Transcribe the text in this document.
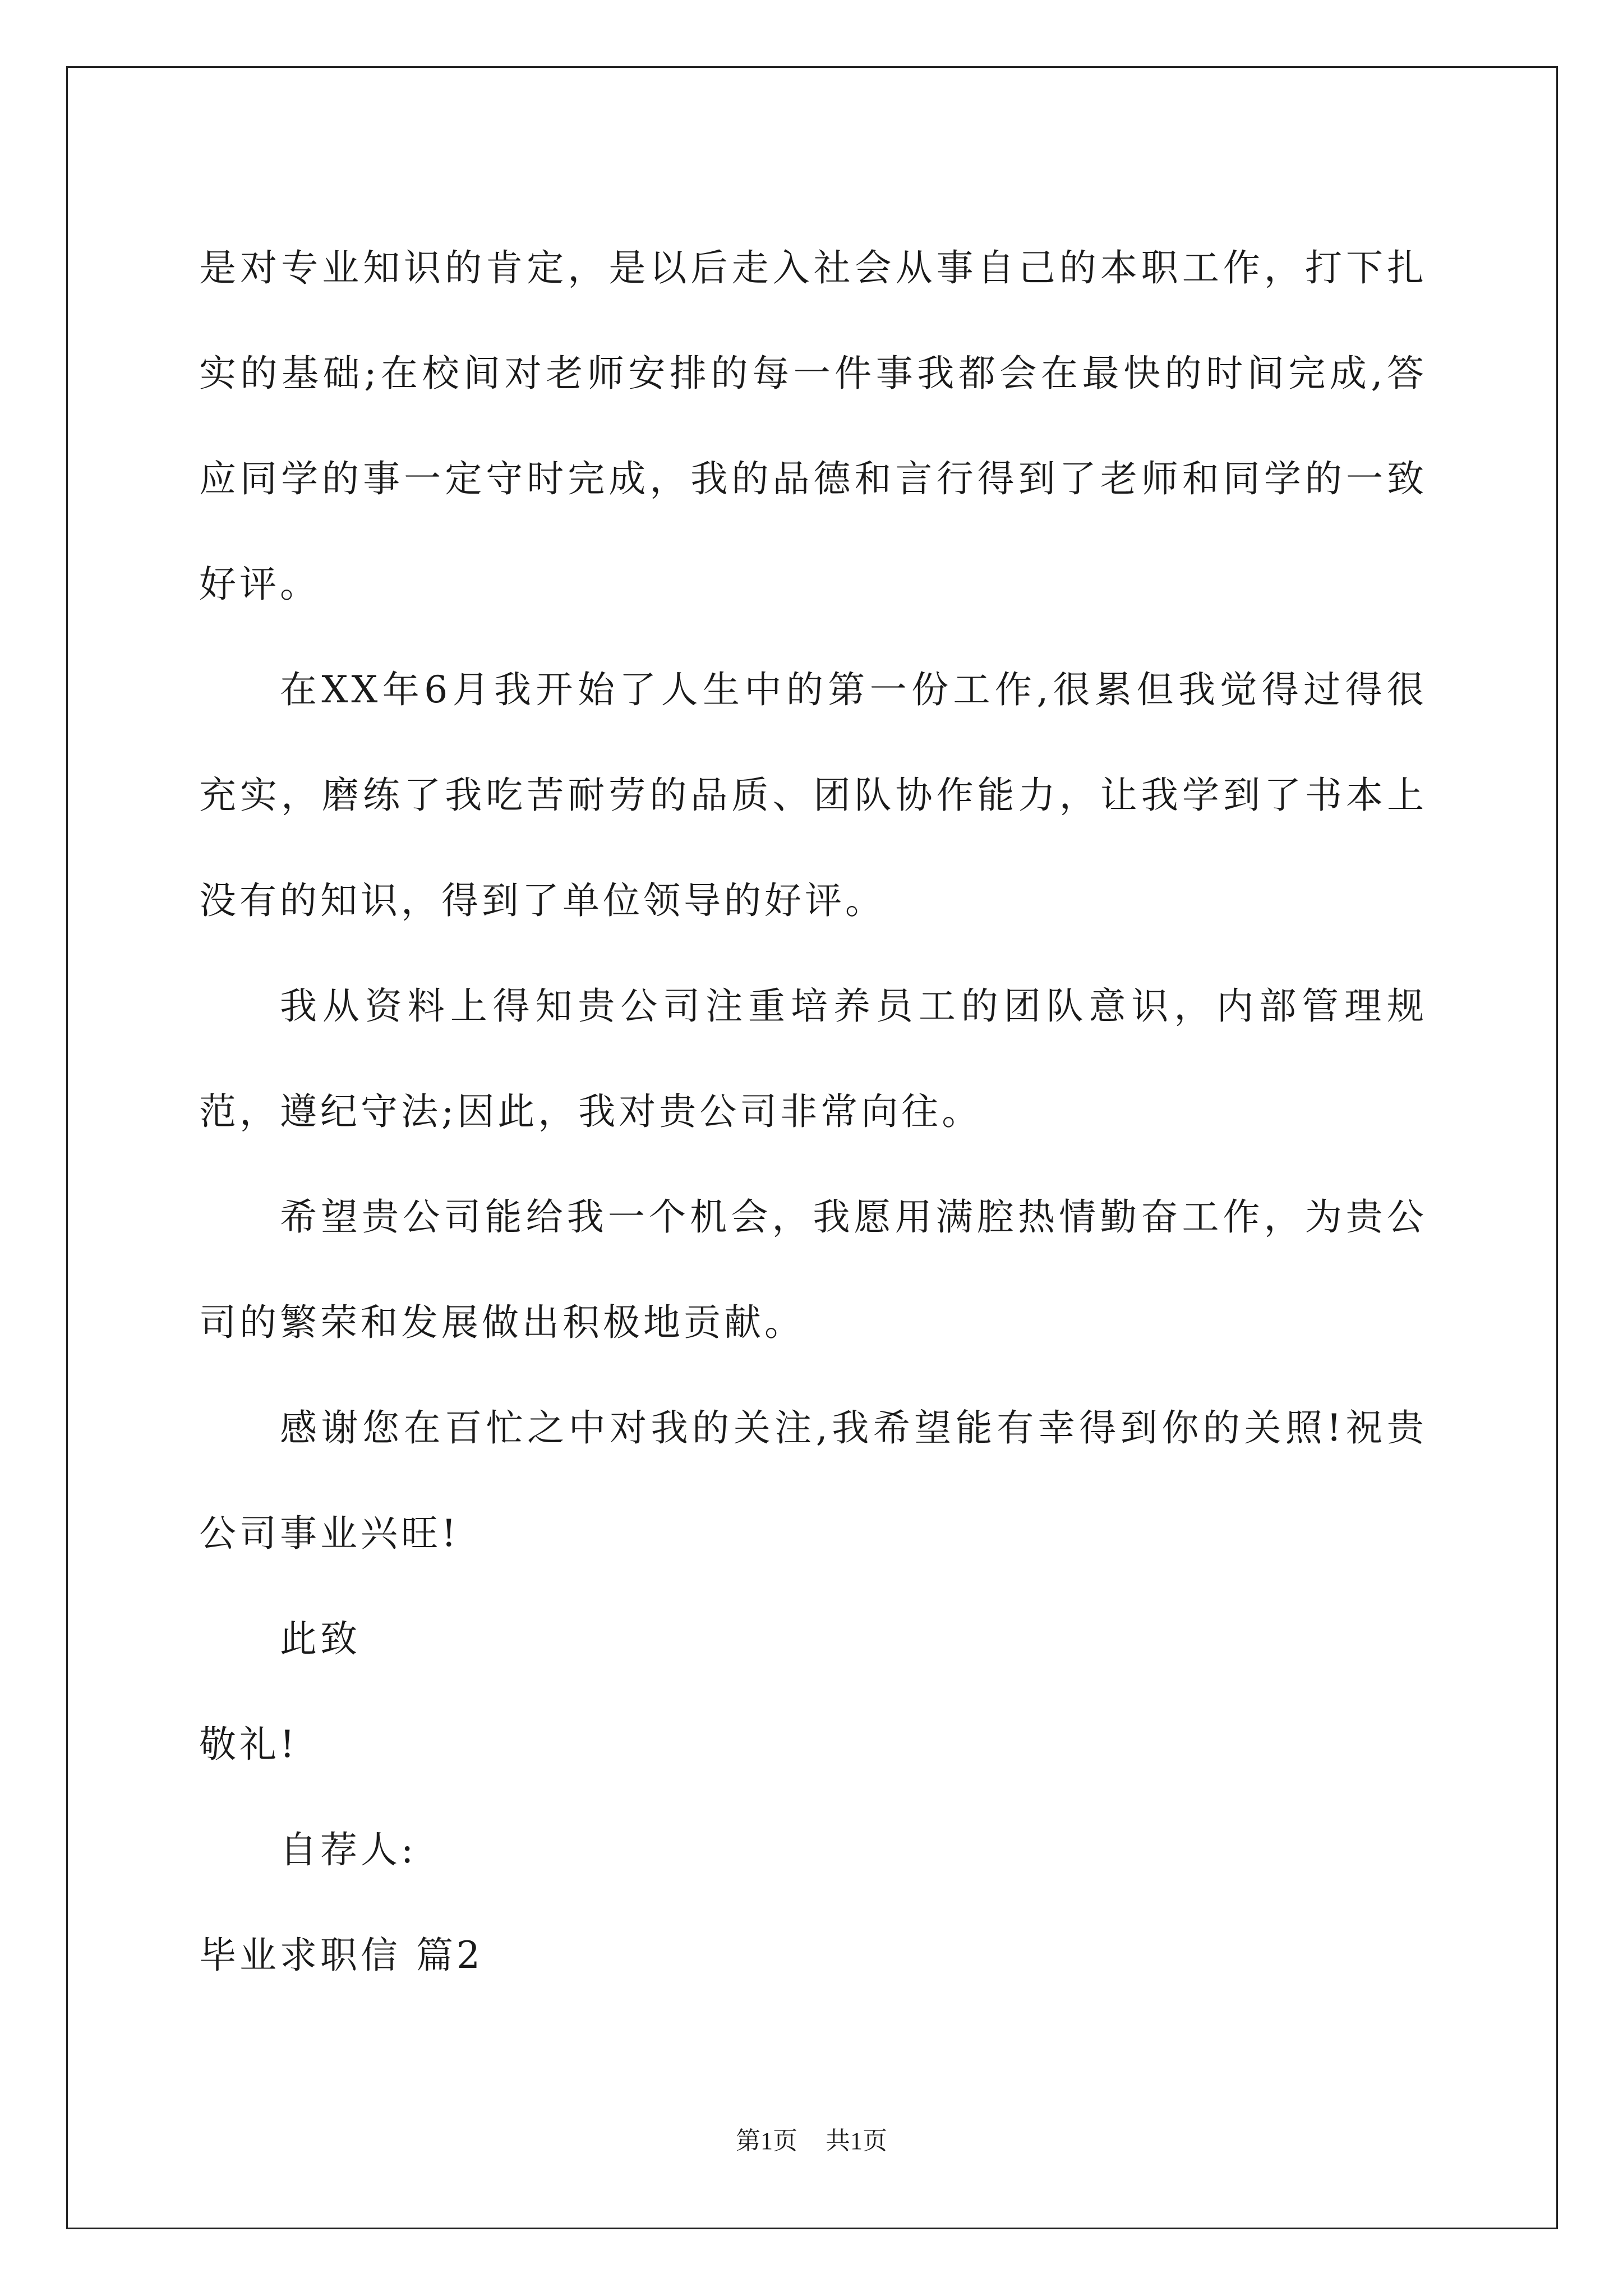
是对专业知识的肯定，是以后走入社会从事自己的本职工作，打下扎实的基础;在校间对老师安排的每一件事我都会在最快的时间完成,答应同学的事一定守时完成，我的品德和言行得到了老师和同学的一致好评。

在XX年6月我开始了人生中的第一份工作,很累但我觉得过得很充实，磨练了我吃苦耐劳的品质、团队协作能力，让我学到了书本上没有的知识，得到了单位领导的好评。

我从资料上得知贵公司注重培养员工的团队意识，内部管理规范，遵纪守法;因此，我对贵公司非常向往。

希望贵公司能给我一个机会，我愿用满腔热情勤奋工作，为贵公司的繁荣和发展做出积极地贡献。

感谢您在百忙之中对我的关注,我希望能有幸得到你的关照!祝贵公司事业兴旺!

此致

敬礼!

自荐人:

毕业求职信 篇2

第1页 共1页
